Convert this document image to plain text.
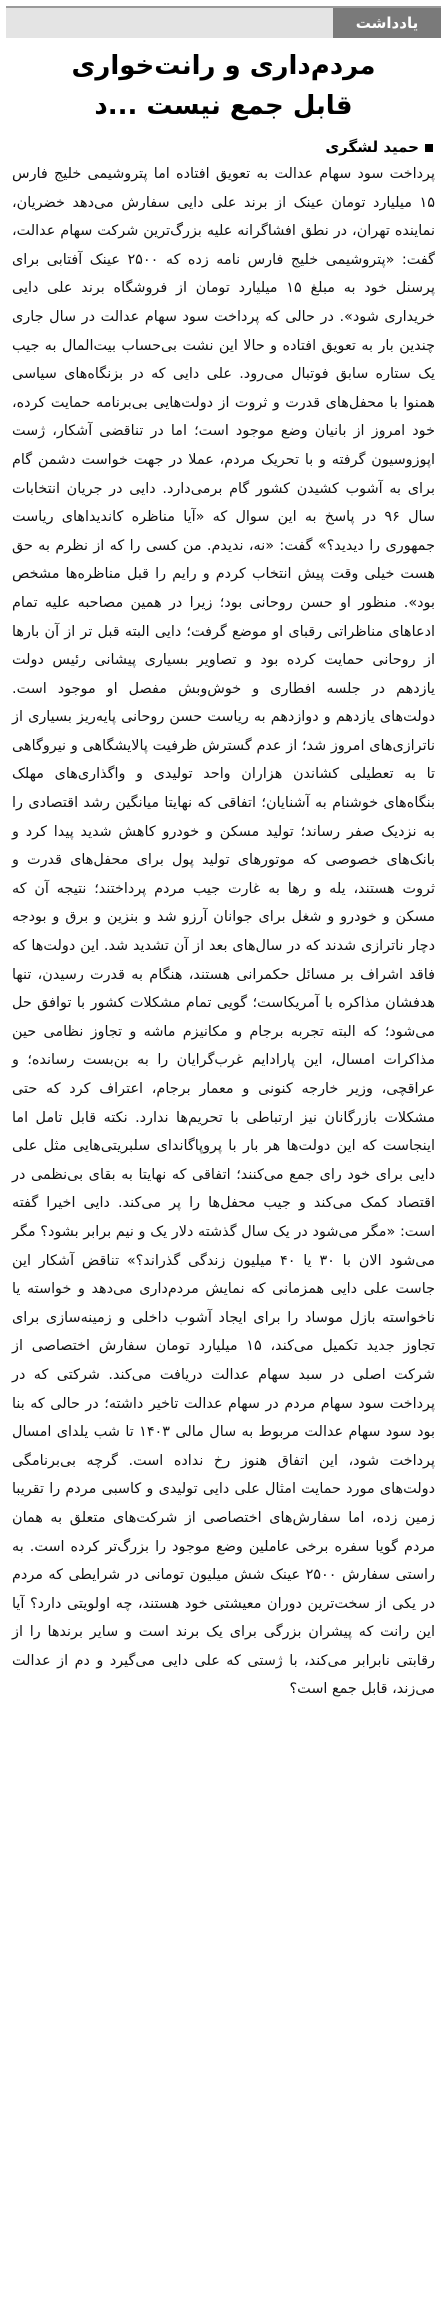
یادداشت
مردم‌داری و رانت‌خواری
قابل جمع نیست ...د
حمید لشگری
پرداخت سود سهام عدالت به تعویق افتاده اما پتروشیمی خلیج فارس ۱۵ میلیارد تومان عینک از برند علی دایی سفارش می‌دهد خضریان، نماینده تهران، در نطق افشاگرانه علیه بزرگ‌ترین شرکت سهام عدالت، گفت: «پتروشیمی خلیج فارس نامه زده که ۲۵۰۰ عینک آفتابی برای پرسنل خود به مبلغ ۱۵ میلیارد تومان از فروشگاه برند علی دایی خریداری شود». در حالی که پرداخت سود سهام عدالت در سال جاری چندین بار به تعویق افتاده و حالا این نشت بی‌حساب بیت‌المال به جیب یک ستاره سابق فوتبال می‌رود. علی دایی که در بزنگاه‌های سیاسی همنوا با محفل‌های قدرت و ثروت از دولت‌هایی بی‌برنامه حمایت کرده، خود امروز از بانیان وضع موجود است؛ اما در تناقضی آشکار، ژست اپوزوسیون گرفته و با تحریک مردم، عملا در جهت خواست دشمن گام برای به آشوب کشیدن کشور گام برمی‌دارد. دایی در جریان انتخابات سال ۹۶ در پاسخ به این سوال که «آیا مناظره کاندیداهای ریاست جمهوری را دیدید؟» گفت: «نه، ندیدم. من کسی را که از نظرم به حق هست خیلی وقت پیش انتخاب کردم و رایم را قبل مناظره‌ها مشخص بود». منظور او حسن روحانی بود؛ زیرا در همین مصاحبه علیه تمام ادعاهای مناظراتی رقبای او موضع گرفت؛ دایی البته قبل تر از آن بارها از روحانی حمایت کرده بود و تصاویر بسیاری پیشانی رئیس دولت یازدهم در جلسه افطاری و خوش‌وبش مفصل او موجود است. دولت‌های یازدهم و دوازدهم به ریاست حسن روحانی پایه‌ریز بسیاری از ناترازی‌های امروز شد؛ از عدم گسترش ظرفیت پالایشگاهی و نیروگاهی تا به تعطیلی کشاندن هزاران واحد تولیدی و واگذاری‌های مهلک بنگاه‌های خوشنام به آشنایان؛ اتفاقی که نهایتا میانگین رشد اقتصادی را به نزدیک صفر رساند؛ تولید مسکن و خودرو کاهش شدید پیدا کرد و بانک‌های خصوصی که موتورهای تولید پول برای محفل‌های قدرت و ثروت هستند، یله و رها به غارت جیب مردم پرداختند؛ نتیجه آن که مسکن و خودرو و شغل برای جوانان آرزو شد و بنزین و برق و بودجه دچار ناترازی شدند که در سال‌های بعد از آن تشدید شد. این دولت‌ها که فاقد اشراف بر مسائل حکمرانی هستند، هنگام به قدرت رسیدن، تنها هدفشان مذاکره با آمریکاست؛ گویی تمام مشکلات کشور با توافق حل می‌شود؛ که البته تجربه برجام و مکانیزم ماشه و تجاوز نظامی حین مذاکرات امسال، این پارادایم غرب‌گرایان را به بن‌بست رسانده؛ و عراقچی، وزیر خارجه کنونی و معمار برجام، اعتراف کرد که حتی مشکلات بازرگانان نیز ارتباطی با تحریم‌ها ندارد. نکته قابل تامل اما اینجاست که این دولت‌ها هر بار با پروپاگاندای سلبریتی‌هایی مثل علی دایی برای خود رای جمع می‌کنند؛ اتفاقی که نهایتا به بقای بی‌نظمی در اقتصاد کمک می‌کند و جیب محفل‌ها را پر می‌کند. دایی اخیرا گفته است: «مگر می‌شود در یک سال گذشته دلار یک و نیم برابر بشود؟ مگر می‌شود الان با ۳۰ یا ۴۰ میلیون زندگی گذراند؟» تناقض آشکار این جاست علی دایی همزمانی که نمایش مردم‌داری می‌دهد و خواسته یا ناخواسته بازل موساد را برای ایجاد آشوب داخلی و زمینه‌سازی برای تجاوز جدید تکمیل می‌کند، ۱۵ میلیارد تومان سفارش اختصاصی از شرکت اصلی در سبد سهام عدالت دریافت می‌کند. شرکتی که در پرداخت سود سهام مردم در سهام عدالت تاخیر داشته؛ در حالی که بنا بود سود سهام عدالت مربوط به سال مالی ۱۴۰۳ تا شب یلدای امسال پرداخت شود، این اتفاق هنوز رخ نداده است. گرچه بی‌برنامگی دولت‌های مورد حمایت امثال علی دایی تولیدی و کاسبی مردم را تقریبا زمین زده، اما سفارش‌های اختصاصی از شرکت‌های متعلق به همان مردم گویا سفره برخی عاملین وضع موجود را بزرگ‌تر کرده است. به راستی سفارش ۲۵۰۰ عینک شش میلیون تومانی در شرایطی که مردم در یکی از سخت‌ترین دوران معیشتی خود هستند، چه اولویتی دارد؟ آیا این رانت که پیشران بزرگی برای یک برند است و سایر برندها را از رقابتی نابرابر می‌کند، با ژستی که علی دایی می‌گیرد و دم از عدالت می‌زند، قابل جمع است؟
